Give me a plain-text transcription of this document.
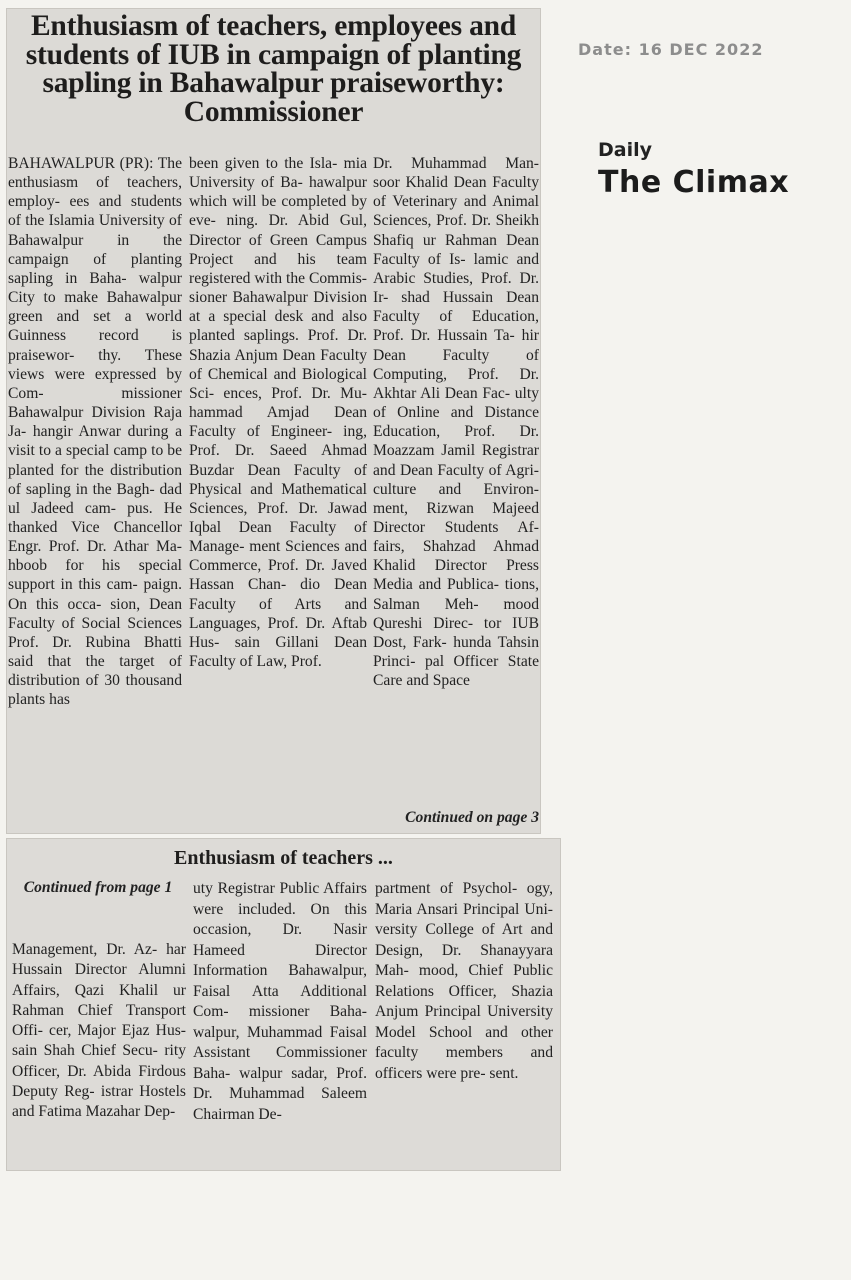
Enthusiasm of teachers, employees and students of IUB in campaign of planting sapling in Bahawalpur praiseworthy: Commissioner

BAHAWALPUR (PR): The enthusiasm of teachers, employ- ees and students of the Islamia University of Bahawalpur in the campaign of planting sapling in Baha- walpur City to make Bahawalpur green and set a world Guinness record is praisewor- thy. These views were expressed by Com- missioner Bahawalpur Division Raja Ja- hangir Anwar during a visit to a special camp to be planted for the distribution of sapling in the Bagh- dad ul Jadeed cam- pus. He thanked Vice Chancellor Engr. Prof. Dr. Athar Ma- hboob for his special support in this cam- paign. On this occa- sion, Dean Faculty of Social Sciences Prof. Dr. Rubina Bhatti said that the target of distribution of 30 thousand plants has

been given to the Isla- mia University of Ba- hawalpur which will be completed by eve- ning. Dr. Abid Gul, Director of Green Campus Project and his team registered with the Commis- sioner Bahawalpur Division at a special desk and also planted saplings. Prof. Dr. Shazia Anjum Dean Faculty of Chemical and Biological Sci- ences, Prof. Dr. Mu- hammad Amjad Dean Faculty of Engineer- ing, Prof. Dr. Saeed Ahmad Buzdar Dean Faculty of Physical and Mathematical Sciences, Prof. Dr. Jawad Iqbal Dean Faculty of Manage- ment Sciences and Commerce, Prof. Dr. Javed Hassan Chan- dio Dean Faculty of Arts and Languages, Prof. Dr. Aftab Hus- sain Gillani Dean Faculty of Law, Prof.

Dr. Muhammad Man- soor Khalid Dean Faculty of Veterinary and Animal Sciences, Prof. Dr. Sheikh Shafiq ur Rahman Dean Faculty of Is- lamic and Arabic Studies, Prof. Dr. Ir- shad Hussain Dean Faculty of Education, Prof. Dr. Hussain Ta- hir Dean Faculty of Computing, Prof. Dr. Akhtar Ali Dean Fac- ulty of Online and Distance Education, Prof. Dr. Moazzam Jamil Registrar and Dean Faculty of Agri- culture and Environ- ment, Rizwan Majeed Director Students Af- fairs, Shahzad Ahmad Khalid Director Press Media and Publica- tions, Salman Meh- mood Qureshi Direc- tor IUB Dost, Fark- hunda Tahsin Princi- pal Officer State Care and Space

Continued on page 3

Enthusiasm of teachers ...

Continued from page 1

Management, Dr. Az- har Hussain Director Alumni Affairs, Qazi Khalil ur Rahman Chief Transport Offi- cer, Major Ejaz Hus- sain Shah Chief Secu- rity Officer, Dr. Abida Firdous Deputy Reg- istrar Hostels and Fatima Mazahar Dep-

uty Registrar Public Affairs were included. On this occasion, Dr. Nasir Hameed Director Information Bahawalpur, Faisal Atta Additional Com- missioner Baha- walpur, Muhammad Faisal Assistant Commissioner Baha- walpur sadar, Prof. Dr. Muhammad Saleem Chairman De-

partment of Psychol- ogy, Maria Ansari Principal Uni- versity College of Art and Design, Dr. Shanayyara Mah- mood, Chief Public Relations Officer, Shazia Anjum Principal University Model School and other faculty members and officers were pre- sent.

Date: 16 DEC 2022

Daily

The Climax
